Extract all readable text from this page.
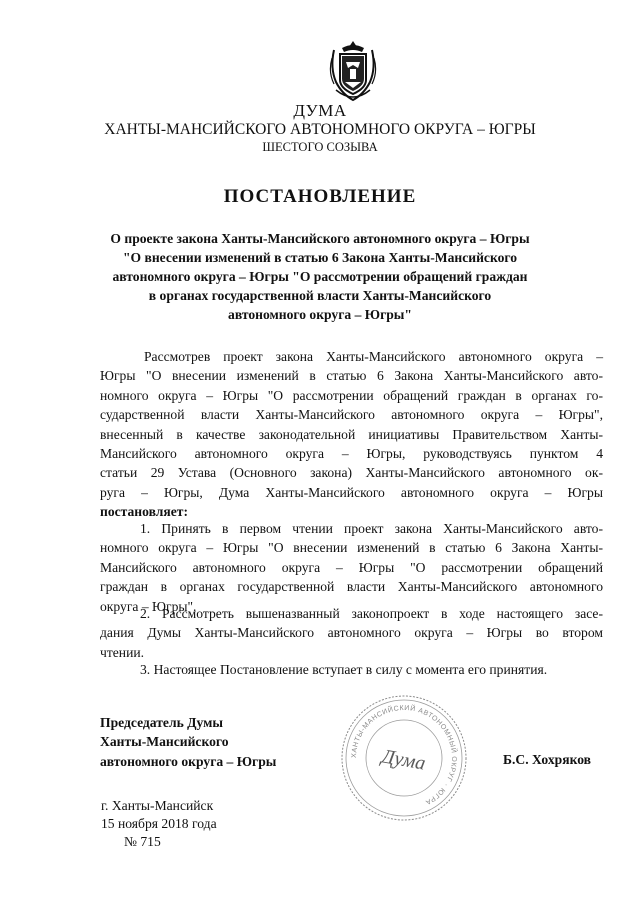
ДУМА
ХАНТЫ-МАНСИЙСКОГО АВТОНОМНОГО ОКРУГА – ЮГРЫ
ШЕСТОГО СОЗЫВА
ПОСТАНОВЛЕНИЕ
О проекте закона Ханты-Мансийского автономного округа – Югры
"О внесении изменений в статью 6 Закона Ханты-Мансийского
автономного округа – Югры "О рассмотрении обращений граждан
в органах государственной власти Ханты-Мансийского
автономного округа – Югры"
Рассмотрев проект закона Ханты-Мансийского автономного округа –
Югры "О внесении изменений в статью 6 Закона Ханты-Мансийского авто-
номного округа – Югры "О рассмотрении обращений граждан в органах го-
сударственной власти Ханты-Мансийского автономного округа – Югры",
внесенный в качестве законодательной инициативы Правительством Ханты-
Мансийского автономного округа – Югры, руководствуясь пунктом 4
статьи 29 Устава (Основного закона) Ханты-Мансийского автономного ок-
руга – Югры, Дума Ханты-Мансийского автономного округа – Югры
постановляет:
1. Принять в первом чтении проект закона Ханты-Мансийского авто-
номного округа – Югры "О внесении изменений в статью 6 Закона Ханты-
Мансийского автономного округа – Югры "О рассмотрении обращений
граждан в органах государственной власти Ханты-Мансийского автономного
округа – Югры".
2. Рассмотреть вышеназванный законопроект в ходе настоящего засе-
дания Думы Ханты-Мансийского автономного округа – Югры во втором
чтении.
3. Настоящее Постановление вступает в силу с момента его принятия.
Председатель Думы
Ханты-Мансийского
автономного округа – Югры	ХАНТЫ-МАНСИЙСКИЙ АВТОНОМНЫЙ ОКРУГ · ЮГРА
Дума	Б.С. Хохряков
г. Ханты-Мансийск
15 ноября 2018 года
№ 715
